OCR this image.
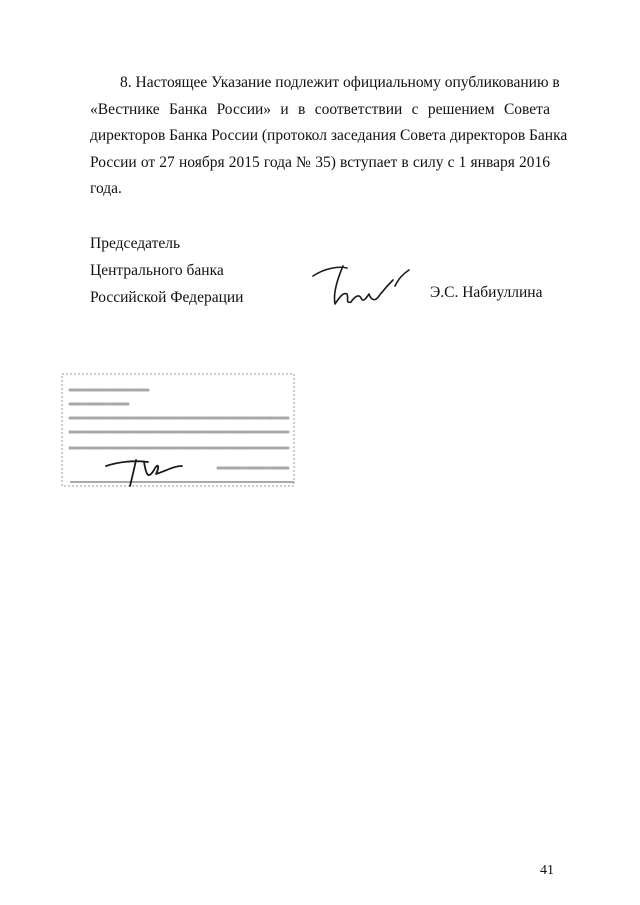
8. Настоящее Указание подлежит официальному опубликованию в
«Вестнике Банка России» и в соответствии с решением Совета
директоров Банка России (протокол заседания Совета директоров Банка
России от 27 ноября 2015 года № 35) вступает в силу с 1 января 2016
года.
Председатель
Центрального банка
Российской Федерации	Э.С. Набиуллина
41
